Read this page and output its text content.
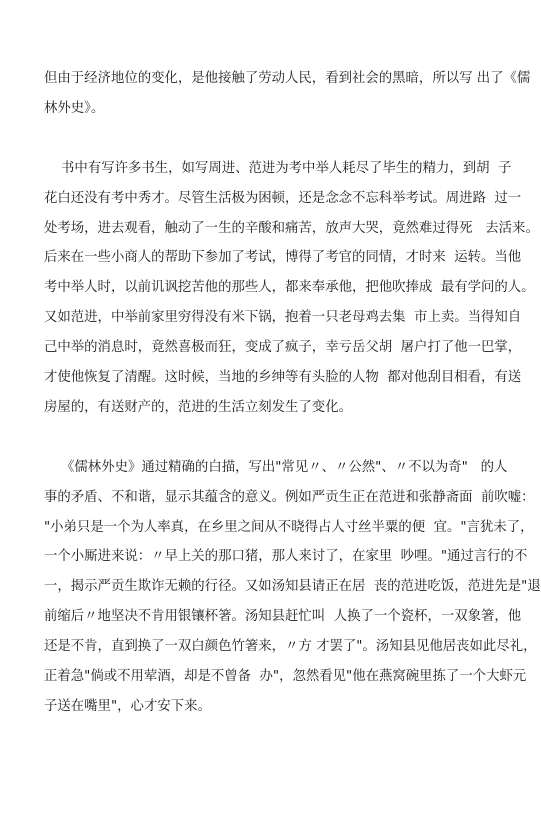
但由于经济地位的变化，是他接触了劳动人民，看到社会的黑暗，所以写 出了《儒
林外史》。
书中有写许多书生，如写周进、范进为考中举人耗尽了毕生的精力，到胡  子
花白还没有考中秀才。尽管生活极为困顿，还是念念不忘科举考试。周进路  过一
处考场，进去观看，触动了一生的辛酸和痛苦，放声大哭，竟然难过得死   去活来。
后来在一些小商人的帮助下参加了考试，博得了考官的同情，才时来  运转。当他
考中举人时，以前讥讽挖苦他的那些人，都来奉承他，把他吹捧成  最有学问的人。
又如范进，中举前家里穷得没有米下锅，抱着一只老母鸡去集  市上卖。当得知自
己中举的消息时，竟然喜极而狂，变成了疯子，幸亏岳父胡  屠户打了他一巴掌，
才使他恢复了清醒。这时候，当地的乡绅等有头脸的人物  都对他刮目相看，有送
房屋的，有送财产的，范进的生活立刻发生了变化。
《儒林外史》通过精确的白描，写出"常见〃、〃公然"、〃不以为奇"   的人
事的矛盾、不和谐，显示其蕴含的意义。例如严贡生正在范进和张静斋面  前吹嘘：
"小弟只是一个为人率真，在乡里之间从不晓得占人寸丝半粟的便  宜。"言犹未了，
一个小厮进来说：〃早上关的那口猪，那人来讨了，在家里  吵哩。"通过言行的不
一，揭示严贡生欺诈无赖的行径。又如汤知县请正在居  丧的范进吃饭，范进先是"退
前缩后〃地坚决不肯用银镶杯箸。汤知县赶忙叫  人换了一个瓷杯，一双象箸，他
还是不肯，直到换了一双白颜色竹箸来，〃方 才罢了"。汤知县见他居丧如此尽礼，
正着急"倘或不用荤酒，却是不曾备  办"，忽然看见"他在燕窝碗里拣了一个大虾元
子送在嘴里"，心才安下来。
